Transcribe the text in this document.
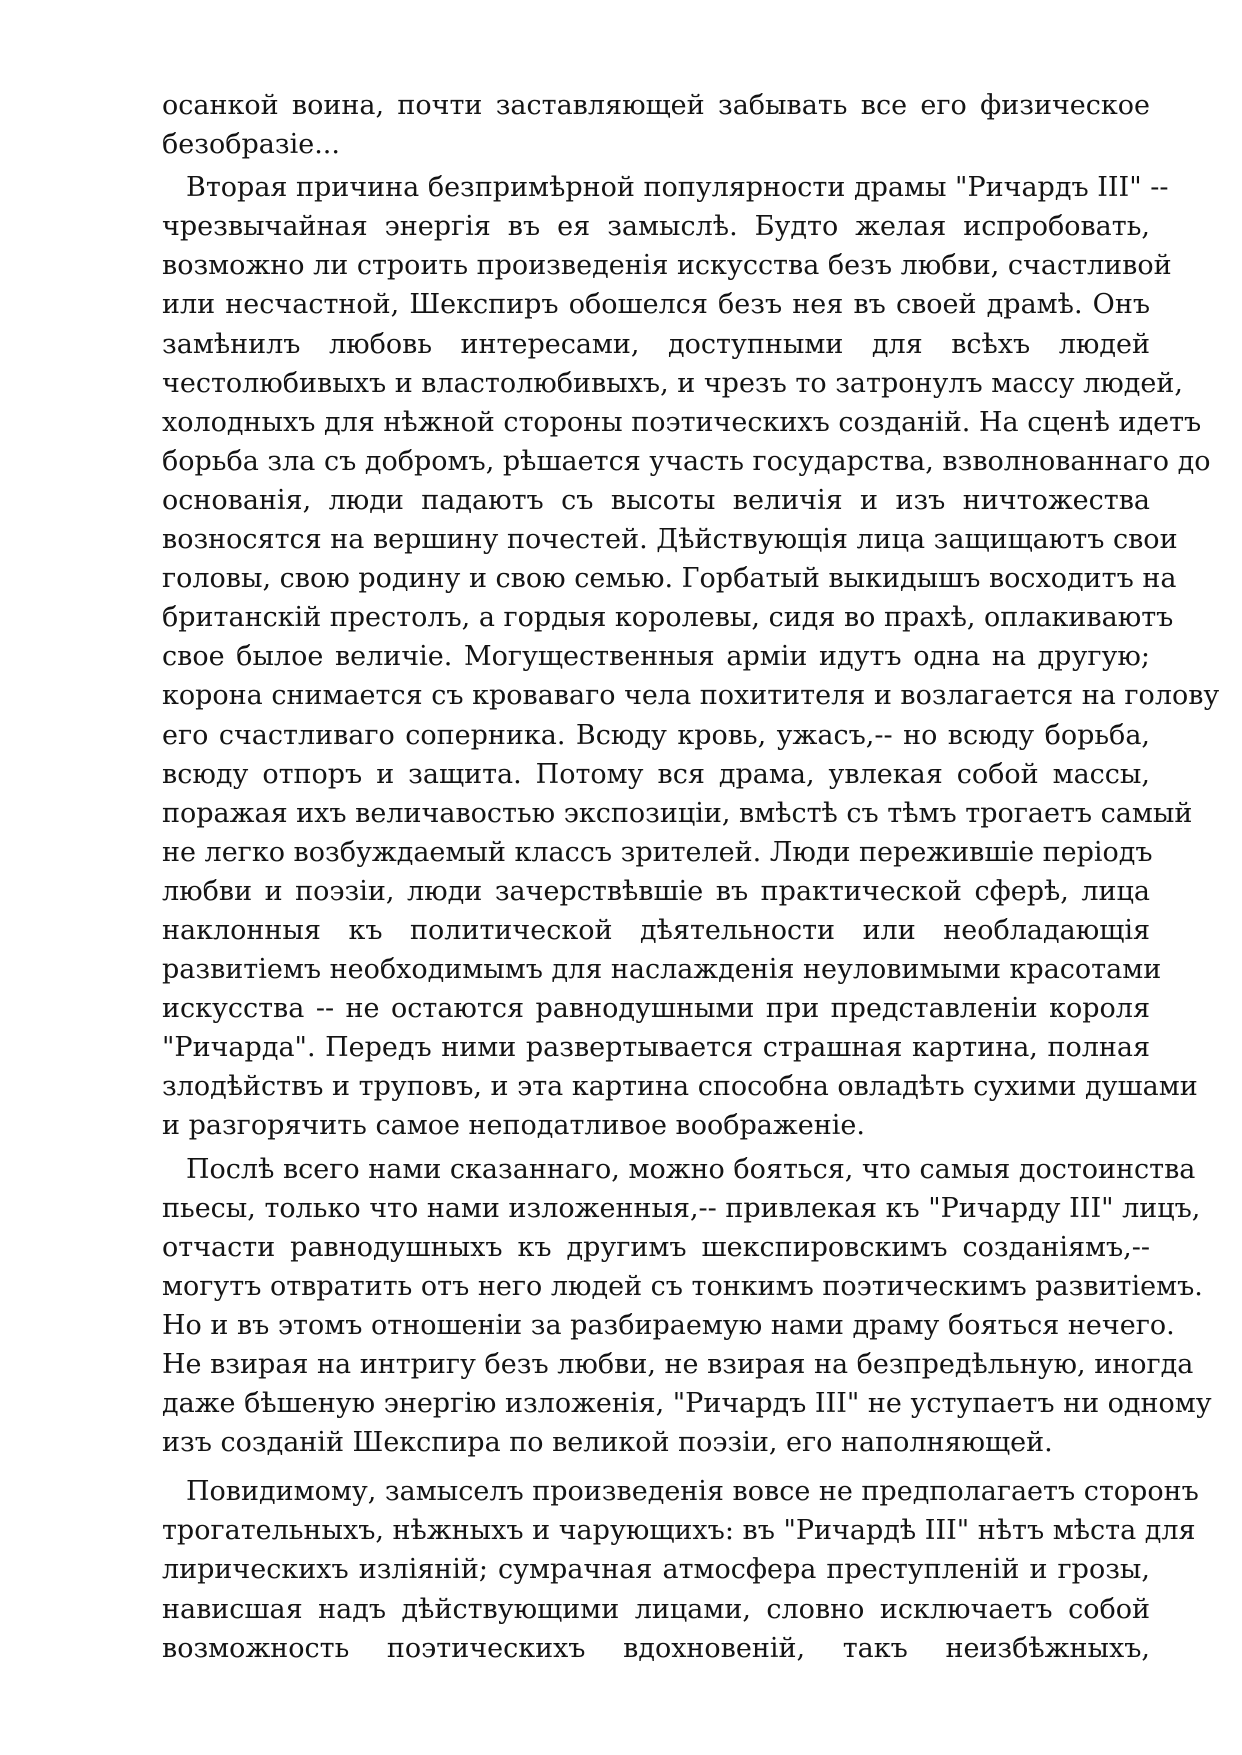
осанкой воина, почти заставляющей забывать все его физическое
безобразіе...
Вторая причина безпримѣрной популярности драмы "Ричардъ III" --
чрезвычайная энергія въ ея замыслѣ. Будто желая испробовать,
возможно ли строить произведенія искусства безъ любви, счастливой
или несчастной, Шекспиръ обошелся безъ нея въ своей драмѣ. Онъ
замѣнилъ любовь интересами, доступными для всѣхъ людей
честолюбивыхъ и властолюбивыхъ, и чрезъ то затронулъ массу людей,
холодныхъ для нѣжной стороны поэтическихъ созданій. На сценѣ идетъ
борьба зла съ добромъ, рѣшается участь государства, взволнованнаго до
основанія, люди падаютъ съ высоты величія и изъ ничтожества
возносятся на вершину почестей. Дѣйствующія лица защищаютъ свои
головы, свою родину и свою семью. Горбатый выкидышъ восходитъ на
британскій престолъ, а гордыя королевы, сидя во прахѣ, оплакиваютъ
свое былое величіе. Могущественныя арміи идутъ одна на другую;
корона снимается съ кроваваго чела похитителя и возлагается на голову
его счастливаго соперника. Всюду кровь, ужасъ,-- но всюду борьба,
всюду отпоръ и защита. Потому вся драма, увлекая собой массы,
поражая ихъ величавостью экспозиціи, вмѣстѣ съ тѣмъ трогаетъ самый
не легко возбуждаемый классъ зрителей. Люди пережившіе періодъ
любви и поэзіи, люди зачерствѣвшіе въ практической сферѣ, лица
наклонныя къ политической дѣятельности или необладающія
развитіемъ необходимымъ для наслажденія неуловимыми красотами
искусства -- не остаются равнодушными при представленіи короля
"Ричарда". Передъ ними развертывается страшная картина, полная
злодѣйствъ и труповъ, и эта картина способна овладѣть сухими душами
и разгорячить самое неподатливое воображеніе.
Послѣ всего нами сказаннаго, можно бояться, что самыя достоинства
пьесы, только что нами изложенныя,-- привлекая къ "Ричарду III" лицъ,
отчасти равнодушныхъ къ другимъ шекспировскимъ созданіямъ,--
могутъ отвратить отъ него людей съ тонкимъ поэтическимъ развитіемъ.
Но и въ этомъ отношеніи за разбираемую нами драму бояться нечего.
Не взирая на интригу безъ любви, не взирая на безпредѣльную, иногда
даже бѣшеную энергію изложенія, "Ричардъ III" не уступаетъ ни одному
изъ созданій Шекспира по великой поэзіи, его наполняющей.
Повидимому, замыселъ произведенія вовсе не предполагаетъ сторонъ
трогательныхъ, нѣжныхъ и чарующихъ: въ "Ричардѣ III" нѣтъ мѣста для
лирическихъ изліяній; сумрачная атмосфера преступленій и грозы,
нависшая надъ дѣйствующими лицами, словно исключаетъ собой
возможность поэтическихъ вдохновеній, такъ неизбѣжныхъ,
